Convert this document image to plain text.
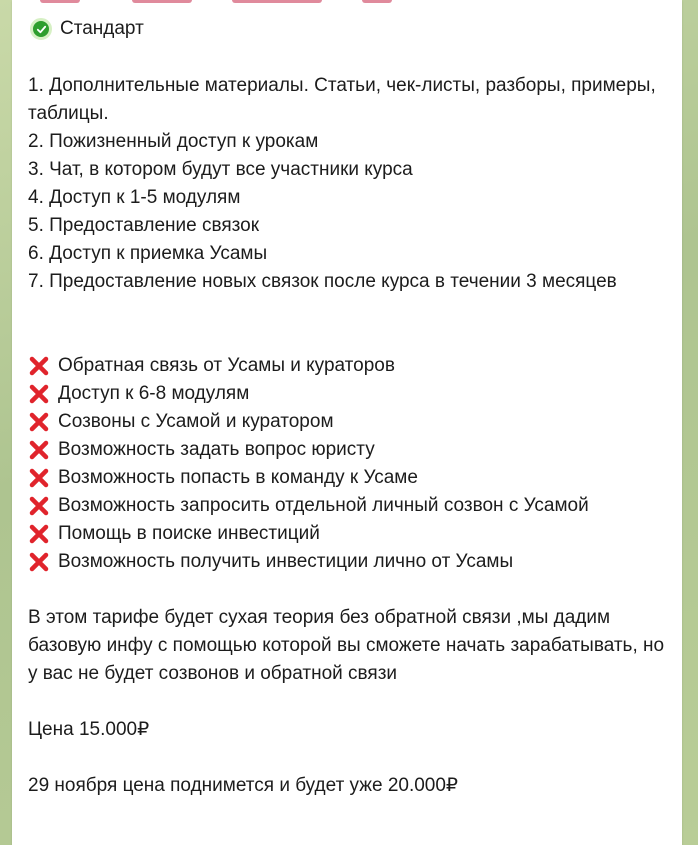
Стандарт
1. Дополнительные материалы. Статьи, чек-листы, разборы, примеры, таблицы.
2. Пожизненный доступ к урокам
3. Чат, в котором будут все участники курса
4. Доступ к 1-5 модулям
5. Предоставление связок
6. Доступ к приемка Усамы
7. Предоставление новых связок после курса в течении 3 месяцев
Обратная связь от Усамы и кураторов
Доступ к 6-8 модулям
Созвоны с Усамой и куратором
Возможность задать вопрос юристу
Возможность попасть в команду к Усаме
Возможность запросить отдельной личный созвон с Усамой
Помощь в поиске инвестиций
Возможность получить инвестиции лично от Усамы
В этом тарифе будет сухая теория без обратной связи ,мы дадим базовую инфу с помощью которой вы сможете начать зарабатывать, но у вас не будет созвонов и обратной связи
Цена 15.000₽
29 ноября цена поднимется и будет уже 20.000₽
